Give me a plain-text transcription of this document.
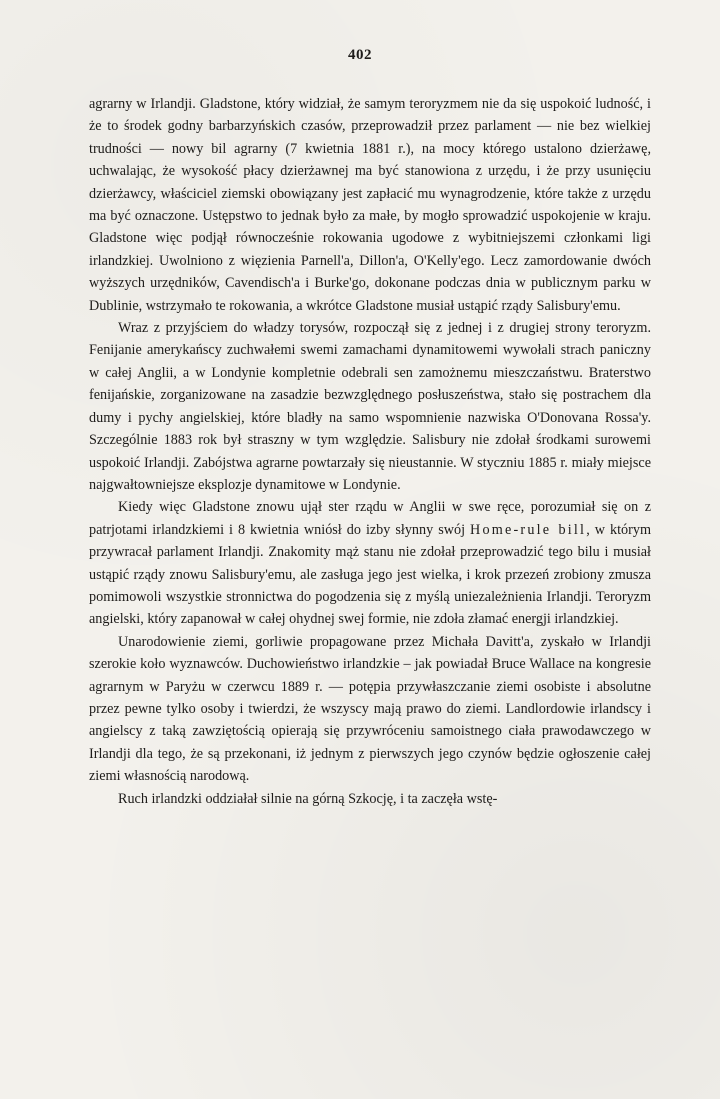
402

agrarny w Irlandji. Gladstone, który widział, że samym teroryzmem nie da się uspokoić ludność, i że to środek godny barbarzyńskich czasów, przeprowadził przez parlament — nie bez wielkiej trudności — nowy bil agrarny (7 kwietnia 1881 r.), na mocy którego ustalono dzierżawę, uchwalając, że wysokość płacy dzierżawnej ma być stanowiona z urzędu, i że przy usunięciu dzierżawcy, właściciel ziemski obowiązany jest zapłacić mu wynagrodzenie, które także z urzędu ma być oznaczone. Ustępstwo to jednak było za małe, by mogło sprowadzić uspokojenie w kraju. Gladstone więc podjął równocześnie rokowania ugodowe z wybitniejszemi członkami ligi irlandzkiej. Uwolniono z więzienia Parnell'a, Dillon'a, O'Kelly'ego. Lecz zamordowanie dwóch wyższych urzędników, Cavendisch'a i Burke'go, dokonane podczas dnia w publicznym parku w Dublinie, wstrzymało te rokowania, a wkrótce Gladstone musiał ustąpić rządy Salisbury'emu.

Wraz z przyjściem do władzy torysów, rozpoczął się z jednej i z drugiej strony teroryzm. Fenijanie amerykańscy zuchwałemi swemi zamachami dynamitowemi wywołali strach paniczny w całej Anglii, a w Londynie kompletnie odebrali sen zamożnemu mieszczaństwu. Braterstwo fenijańskie, zorganizowane na zasadzie bezwzględnego posłuszeństwa, stało się postrachem dla dumy i pychy angielskiej, które bladły na samo wspomnienie nazwiska O'Donovana Rossa'y. Szczególnie 1883 rok był straszny w tym względzie. Salisbury nie zdołał środkami surowemi uspokoić Irlandji. Zabójstwa agrarne powtarzały się nieustannie. W styczniu 1885 r. miały miejsce najgwałtowniejsze eksplozje dynamitowe w Londynie.

Kiedy więc Gladstone znowu ujął ster rządu w Anglii w swe ręce, porozumiał się on z patrjotami irlandzkiemi i 8 kwietnia wniósł do izby słynny swój Home-rule bill, w którym przywracał parlament Irlandji. Znakomity mąż stanu nie zdołał przeprowadzić tego bilu i musiał ustąpić rządy znowu Salisbury'emu, ale zasługa jego jest wielka, i krok przezeń zrobiony zmusza pomimowoli wszystkie stronnictwa do pogodzenia się z myślą uniezależnienia Irlandji. Teroryzm angielski, który zapanował w całej ohydnej swej formie, nie zdoła złamać energji irlandzkiej.

Unarodowienie ziemi, gorliwie propagowane przez Michała Davitt'a, zyskało w Irlandji szerokie koło wyznawców. Duchowieństwo irlandzkie – jak powiadał Bruce Wallace na kongresie agrarnym w Paryżu w czerwcu 1889 r. — potępia przywłaszczanie ziemi osobiste i absolutne przez pewne tylko osoby i twierdzi, że wszyscy mają prawo do ziemi. Landlordowie irlandscy i angielscy z taką zawziętością opierają się przywróceniu samoistnego ciała prawodawczego w Irlandji dla tego, że są przekonani, iż jednym z pierwszych jego czynów będzie ogłoszenie całej ziemi własnością narodową.

Ruch irlandzki oddziałał silnie na górną Szkocję, i ta zaczęła wstę-
